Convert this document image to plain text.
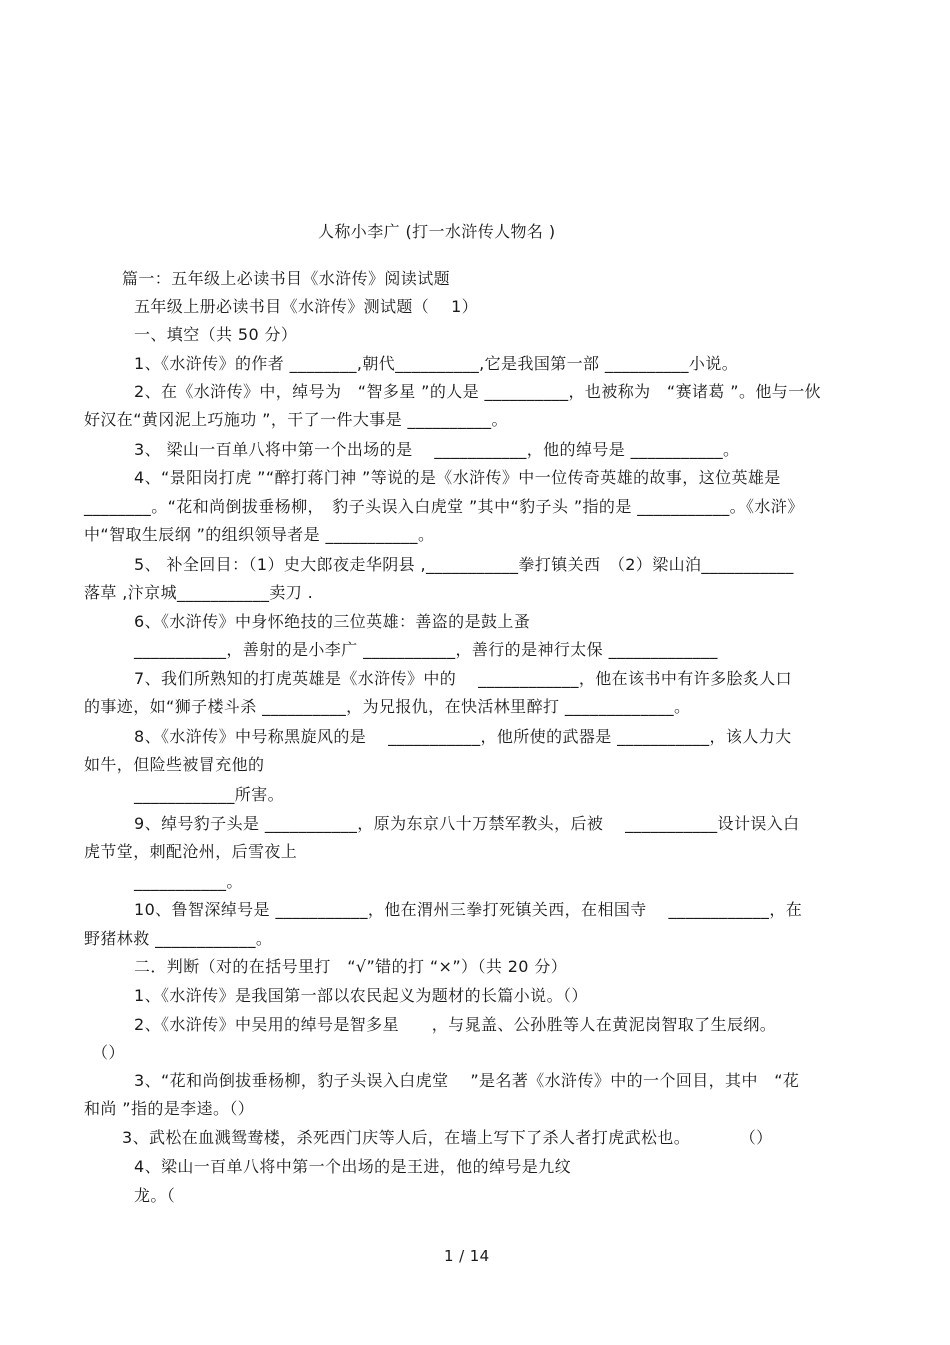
人称小李广 (打一水浒传人物名 )
篇一：五年级上必读书目《水浒传》阅读试题
五年级上册必读书目《水浒传》测试题（　 1）
一、填空（共 50 分）
1、《水浒传》的作者 ________,朝代__________,它是我国第一部 __________小说。
2、在《水浒传》中，绰号为　“智多星 ”的人是 __________，也被称为　“赛诸葛 ”。他与一伙
好汉在“黄冈泥上巧施功 ”，干了一件大事是 __________。
3、 梁山一百单八将中第一个出场的是　 ___________，他的绰号是 ___________。
4、“景阳岗打虎 ”“醉打蒋门神 ”等说的是《水浒传》中一位传奇英雄的故事，这位英雄是
________。“花和尚倒拔垂杨柳，　豹子头误入白虎堂 ”其中“豹子头 ”指的是 ___________。《水浒》
中“智取生辰纲 ”的组织领导者是 ___________。
5、 补全回目：（1）史大郎夜走华阴县 ,___________拳打镇关西　（2）梁山泊___________
落草 ,汴京城___________卖刀 .
6、《水浒传》中身怀绝技的三位英雄：善盗的是鼓上蚤
___________，善射的是小李广 ___________，善行的是神行太保 _____________
7、我们所熟知的打虎英雄是《水浒传》中的　 ____________，他在该书中有许多脍炙人口
的事迹，如“狮子楼斗杀 __________，为兄报仇，在快活林里醉打 _____________。
8、《水浒传》中号称黑旋风的是　 ___________，他所使的武器是 ___________，该人力大
如牛，但险些被冒充他的
____________所害。
9、绰号豹子头是 ___________，原为东京八十万禁军教头，后被　 ___________设计误入白
虎节堂，刺配沧州，后雪夜上
___________。
10、鲁智深绰号是 ___________，他在渭州三拳打死镇关西，在相国寺　 ____________，在
野猪林救 ____________。
二．判断（对的在括号里打　“√”错的打 “×”）（共 20 分）
1、《水浒传》是我国第一部以农民起义为题材的长篇小说。（）
2、《水浒传》中吴用的绰号是智多星　　，与晁盖、公孙胜等人在黄泥岗智取了生辰纲。
（）
3、“花和尚倒拔垂杨柳，豹子头误入白虎堂　 ”是名著《水浒传》中的一个回目，其中　“花
和尚 ”指的是李逵。（）
3、武松在血溅鸳鸯楼，杀死西门庆等人后，在墙上写下了杀人者打虎武松也。　　　　（）
4、梁山一百单八将中第一个出场的是王进，他的绰号是九纹
龙。（
1 / 14
